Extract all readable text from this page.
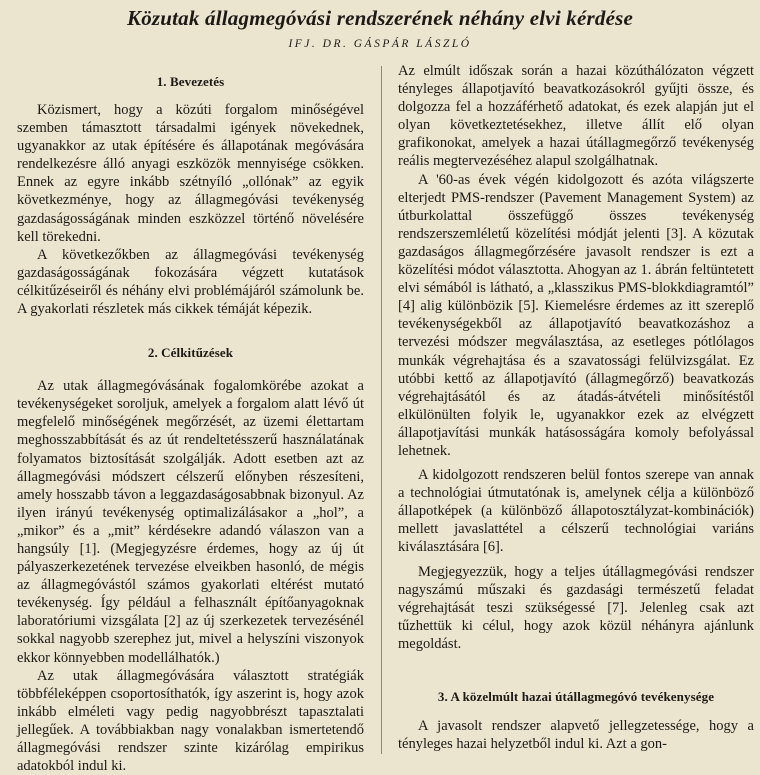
Közutak állagmegóvási rendszerének néhány elvi kérdése
IFJ. DR. GÁSPÁR LÁSZLÓ
1. Bevezetés

Közismert, hogy a közúti forgalom minőségével szemben támasztott társadalmi igények növekednek, ugyanakkor az utak építésére és állapotának megóvására rendelkezésre álló anyagi eszközök mennyisége csökken. Ennek az egyre inkább szétnyíló „ollónak” az egyik következménye, hogy az állagmegóvási tevékenység gazdaságosságának minden eszközzel történő növelésére kell törekedni.

A következőkben az állagmegóvási tevékenység gazdaságosságának fokozására végzett kutatások célkitűzéseiről és néhány elvi problémájáról számolunk be. A gyakorlati részletek más cikkek témáját képezik.

2. Célkitűzések

Az utak állagmegóvásának fogalomkörébe azokat a tevékenységeket soroljuk, amelyek a forgalom alatt lévő út megfelelő minőségének megőrzését, az üzemi élettartam meghosszabbítását és az út rendeltetésszerű használatának folyamatos biztosítását szolgálják. Adott esetben azt az állagmegóvási módszert célszerű előnyben részesíteni, amely hosszabb távon a leggazdaságosabbnak bizonyul. Az ilyen irányú tevékenység optimalizálásakor a „hol”, a „mikor” és a „mit” kérdésekre adandó válaszon van a hangsúly [1]. (Megjegyzésre érdemes, hogy az új út pályaszerkezetének tervezése elveikben hasonló, de mégis az állagmegóvástól számos gyakorlati eltérést mutató tevékenység. Így például a felhasznált építőanyagoknak laboratóriumi vizsgálata [2] az új szerkezetek tervezésénél sokkal nagyobb szerephez jut, mivel a helyszíni viszonyok ekkor könnyebben modellálhatók.)

Az utak állagmegóvására választott stratégiák többféleképpen csoportosíthatók, így aszerint is, hogy azok inkább elméleti vagy pedig nagyobbrészt tapasztalati jellegűek. A továbbiakban nagy vonalakban ismertetendő állagmegóvási rendszer szinte kizárólag empirikus adatokból indul ki.

Az elmúlt időszak során a hazai közúthálózaton végzett tényleges állapotjavító beavatkozásokról gyűjti össze, és dolgozza fel a hozzáférhető adatokat, és ezek alapján jut el olyan következtetésekhez, illetve állít elő olyan grafikonokat, amelyek a hazai útállagmegőrző tevékenység reális megtervezéséhez alapul szolgálhatnak.

A '60-as évek végén kidolgozott és azóta világszerte elterjedt PMS-rendszer (Pavement Management System) az útburkolattal összefüggő összes tevékenység rendszerszemléletű közelítési módját jelenti [3]. A közutak gazdaságos állagmegőrzésére javasolt rendszer is ezt a közelítési módot választotta. Ahogyan az 1. ábrán feltüntetett elvi sémából is látható, a „klasszikus PMS-blokkdiagramtól” [4] alig különbözik [5]. Kiemelésre érdemes az itt szereplő tevékenységekből az állapotjavító beavatkozáshoz a tervezési módszer megválasztása, az esetleges pótlólagos munkák végrehajtása és a szavatossági felülvizsgálat. Ez utóbbi kettő az állapotjavító (állagmegőrző) beavatkozás végrehajtásától és az átadás-átvételi minősítéstől elkülönülten folyik le, ugyanakkor ezek az elvégzett állapotjavítási munkák hatásosságára komoly befolyással lehetnek.

A kidolgozott rendszeren belül fontos szerepe van annak a technológiai útmutatónak is, amelynek célja a különböző állapotképek (a különböző állapotosztályzat-kombinációk) mellett javaslattétel a célszerű technológiai variáns kiválasztására [6].

Megjegyezzük, hogy a teljes útállagmegóvási rendszer nagyszámú műszaki és gazdasági természetű feladat végrehajtását teszi szükségessé [7]. Jelenleg csak azt tűzhettük ki célul, hogy azok közül néhányra ajánlunk megoldást.

3. A közelmúlt hazai útállagmegóvó tevékenysége

A javasolt rendszer alapvető jellegzetessége, hogy a tényleges hazai helyzetből indul ki. Azt a gon-
